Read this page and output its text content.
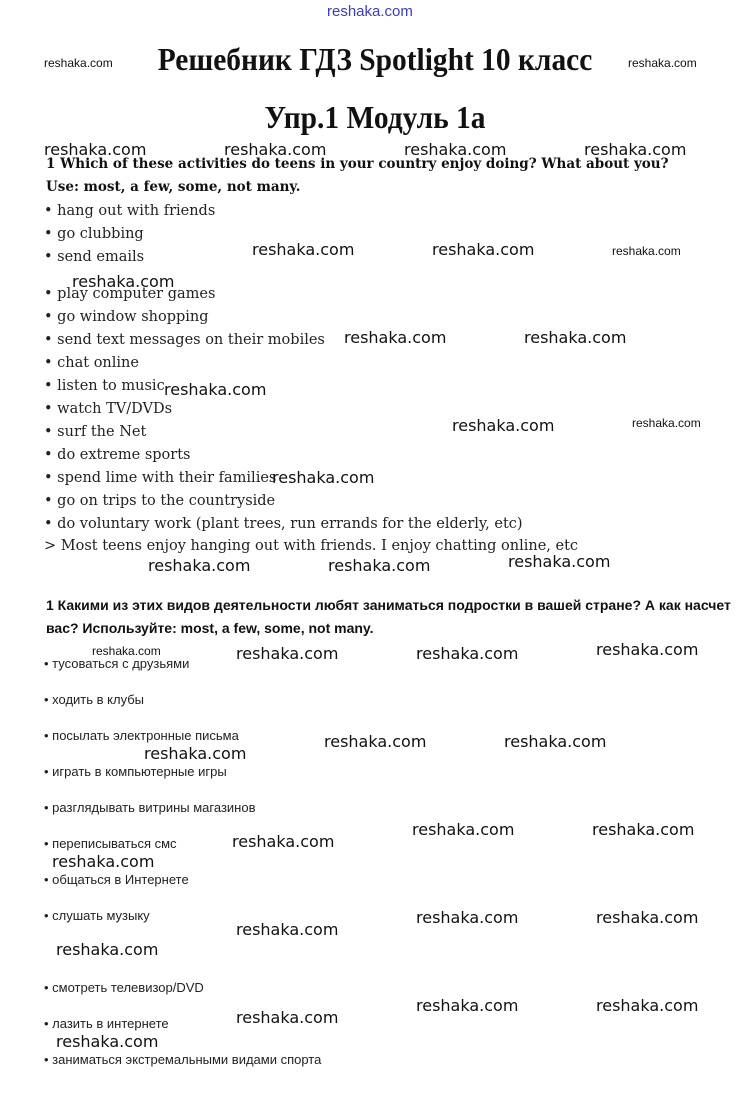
Решебник ГДЗ Spotlight 10 класс
Упр.1 Модуль 1а
1 Which of these activities do teens in your country enjoy doing? What about you?
Use: most, a few, some, not many.
• hang out with friends
• go clubbing
• send emails
• play computer games
• go window shopping
• send text messages on their mobiles
• chat online
• listen to music
• watch TV/DVDs
• surf the Net
• do extreme sports
• spend lime with their families
• go on trips to the countryside
• do voluntary work (plant trees, run errands for the elderly, etc)
> Most teens enjoy hanging out with friends. I enjoy chatting online, etc
1 Какими из этих видов деятельности любят заниматься подростки в вашей стране? А как насчет
вас? Используйте: most, a few, some, not many.
• тусоваться с друзьями
• ходить в клубы
• посылать электронные письма
• играть в компьютерные игры
• разглядывать витрины магазинов
• переписываться смс
• общаться в Интернете
• слушать музыку
• смотреть телевизор/DVD
• лазить в интернете
• заниматься экстремальными видами спорта
reshaka.com
reshaka.com	reshaka.com
reshaka.com	reshaka.com	reshaka.com	reshaka.com
reshaka.com	reshaka.com	reshaka.com
reshaka.com
reshaka.com	reshaka.com
reshaka.com
reshaka.com	reshaka.com
reshaka.com
reshaka.com	reshaka.com	reshaka.com
reshaka.com	reshaka.com	reshaka.com	reshaka.com
reshaka.com	reshaka.com
reshaka.com
reshaka.com	reshaka.com
reshaka.com
reshaka.com
reshaka.com	reshaka.com
reshaka.com
reshaka.com
reshaka.com	reshaka.com
reshaka.com
reshaka.com
